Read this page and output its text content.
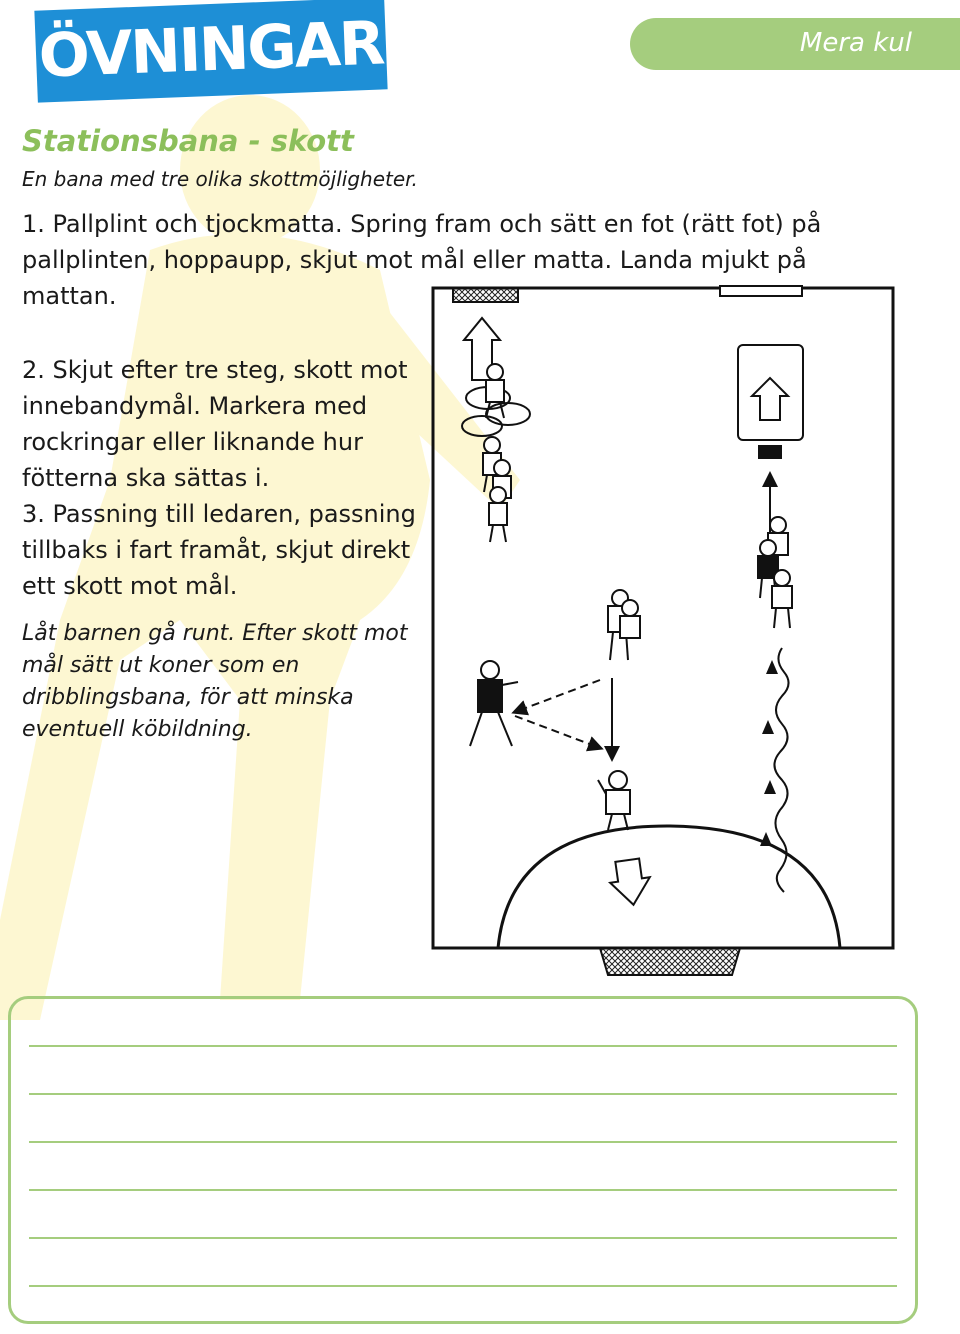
ÖVNINGAR	Mera kul
Stationsbana - skott

En bana med tre olika skottmöjligheter.

1. Pallplint och tjockmatta. Spring fram och sätt en fot (rätt fot) på pallplinten, hoppaupp, skjut mot mål eller matta. Landa mjukt på mattan.

2. Skjut efter tre steg, skott mot innebandymål. Markera med rockringar eller liknande hur fötterna ska sättas i.

3. Passning till ledaren, passning tillbaks i fart framåt, skjut direkt ett skott mot mål.

Låt barnen gå runt. Efter skott mot mål sätt ut koner som en dribblingsbana, för att minska eventuell köbildning.
